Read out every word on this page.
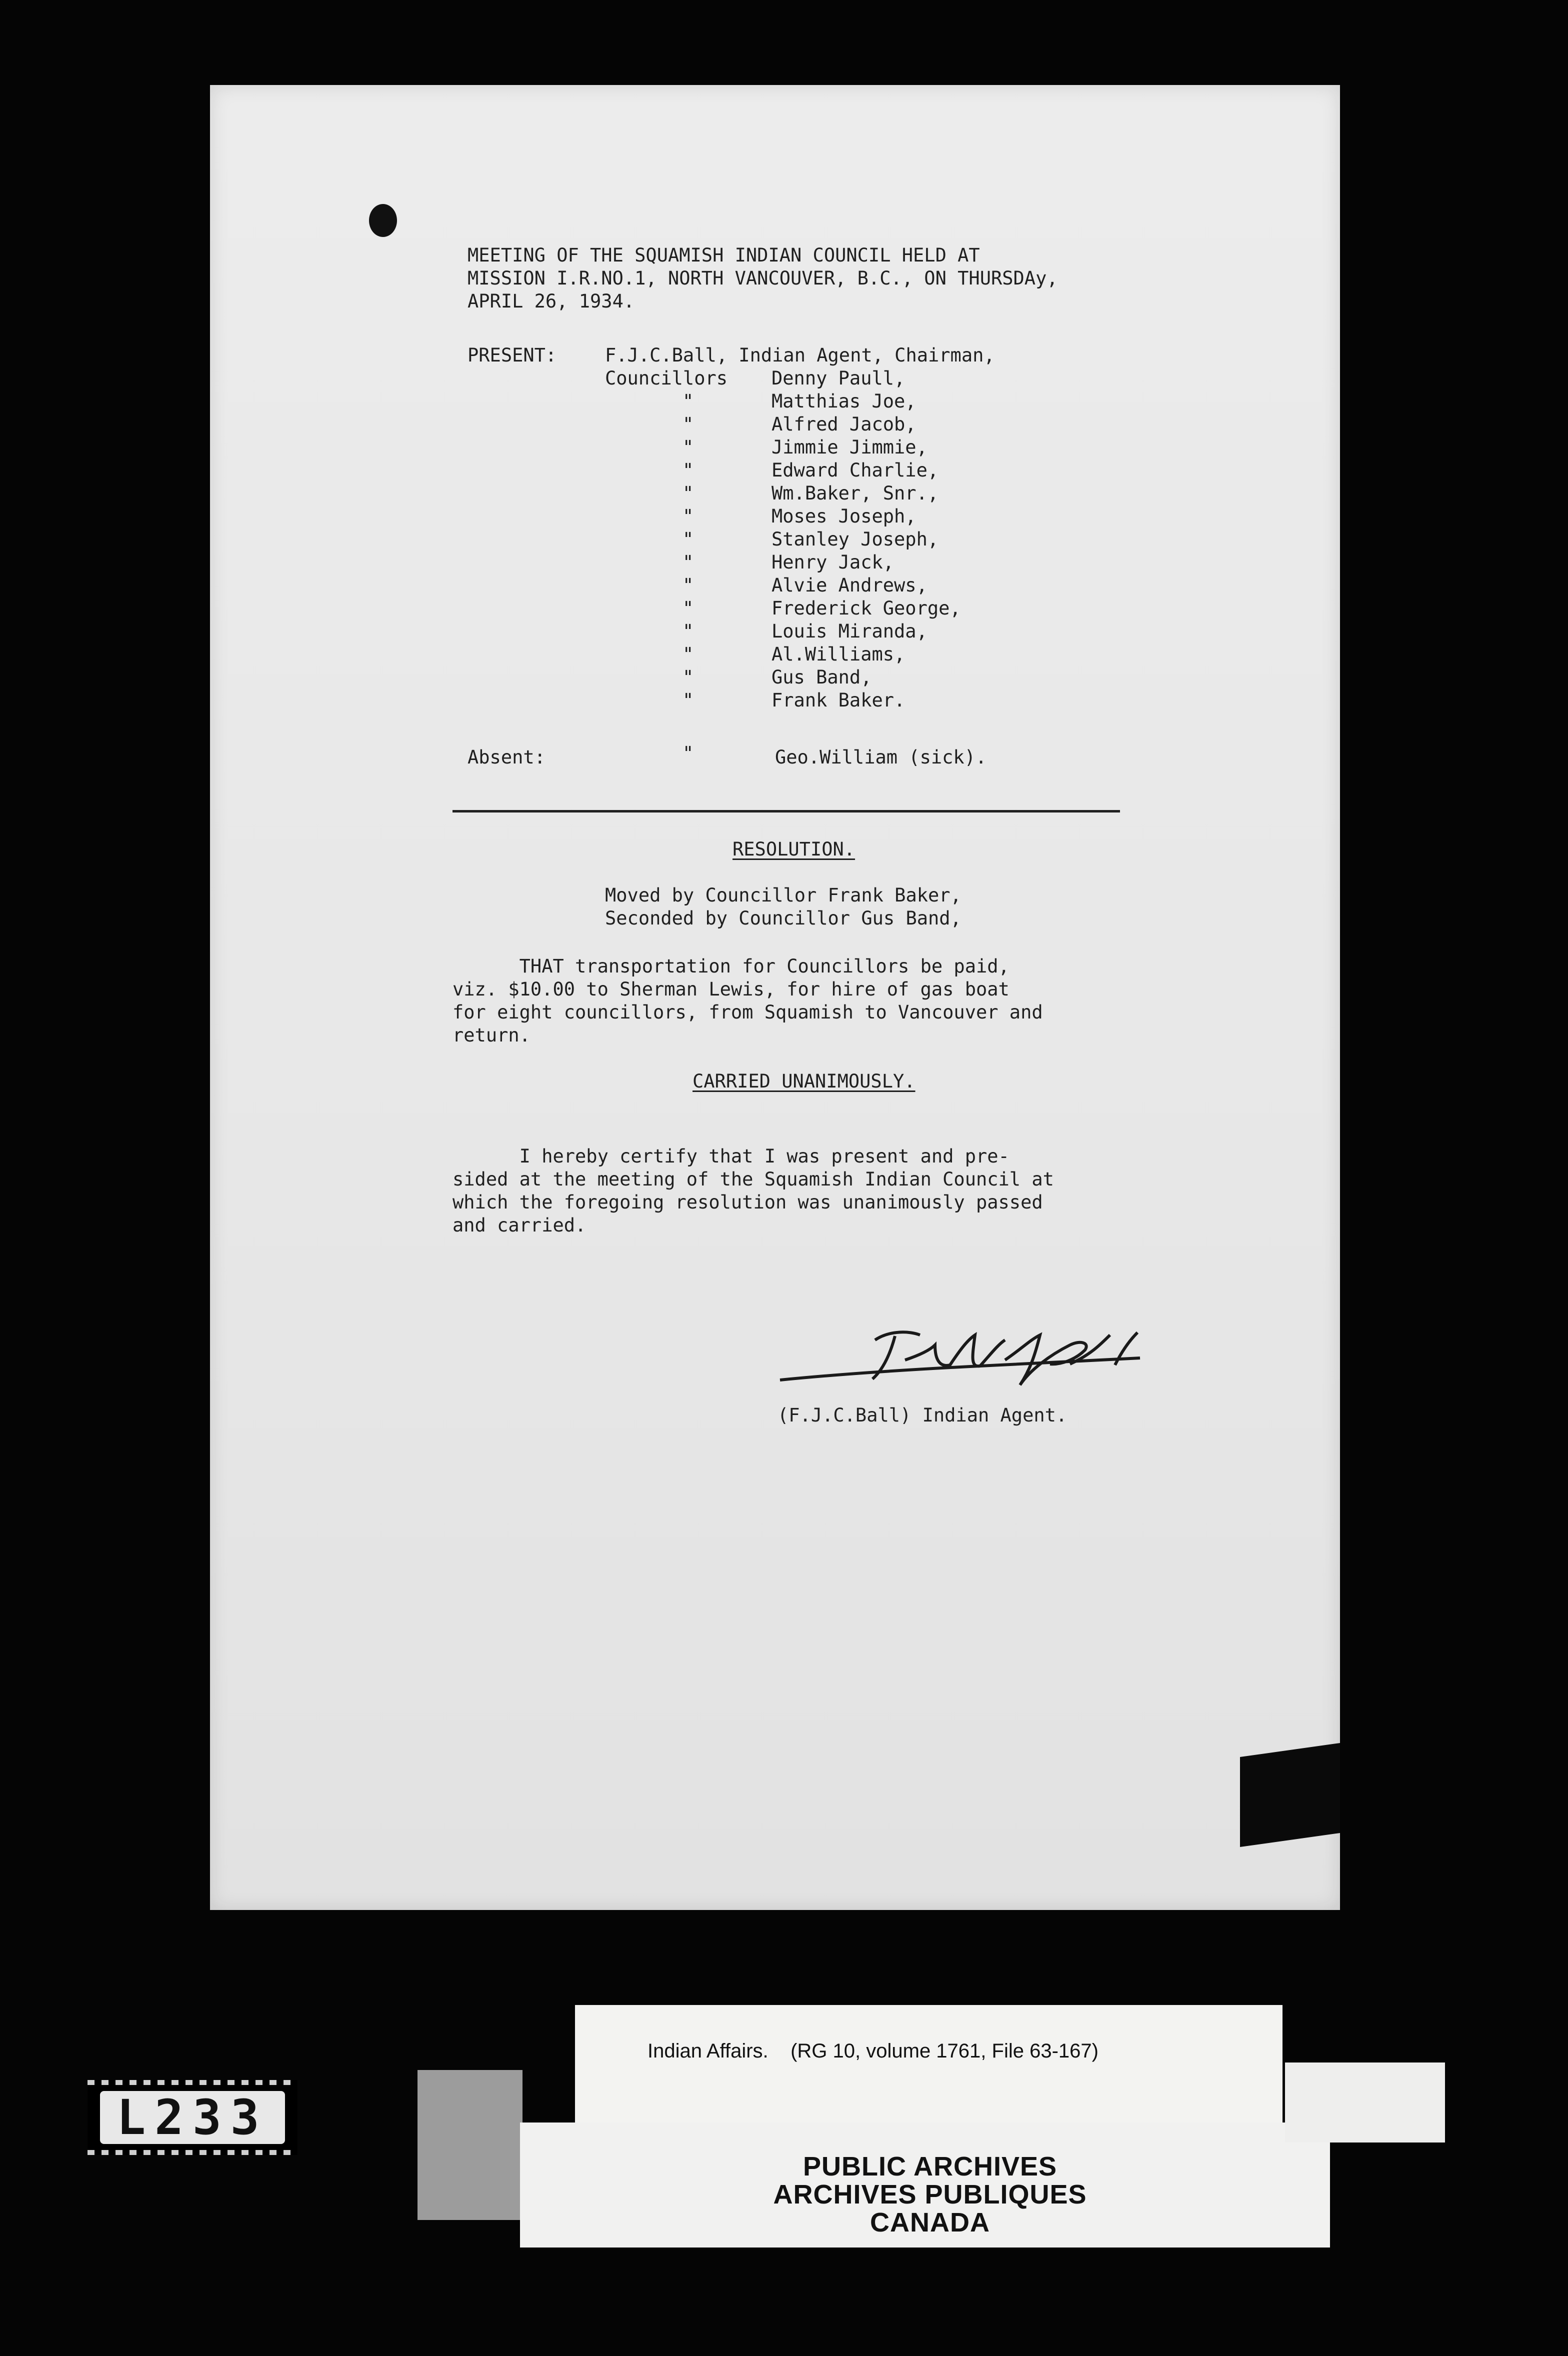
MEETING OF THE SQUAMISH INDIAN COUNCIL HELD AT

MISSION I.R.NO.1, NORTH VANCOUVER, B.C., ON THURSDAy,

APRIL 26, 1934.

PRESENT:

	F.J.C.Ball, Indian Agent, Chairman,

Councillors

Denny Paull,

Matthias Joe,

Alfred Jacob,

Jimmie Jimmie,

Edward Charlie,

Wm.Baker, Snr.,

Moses Joseph,

Stanley Joseph,

Henry Jack,

Alvie Andrews,

Frederick George,

Louis Miranda,

Al.Williams,

Gus Band,

Frank Baker.

"

"

"

"

"

"

"

"

"

"

"

"

"

"

"

Absent:

	Geo.William (sick).

RESOLUTION.

Moved by Councillor Frank Baker,

Seconded by Councillor Gus Band,

THAT transportation for Councillors be paid,

viz. $10.00 to Sherman Lewis, for hire of gas boat

for eight councillors, from Squamish to Vancouver and

return.

CARRIED UNANIMOUSLY.

I hereby certify that I was present and pre-

sided at the meeting of the Squamish Indian Council at

which the foregoing resolution was unanimously passed

and carried.

(F.J.C.Ball) Indian Agent.

Indian Affairs.    (RG 10, volume 1761, File 63-167)
PUBLIC ARCHIVES
ARCHIVES PUBLIQUES
CANADA
L233
